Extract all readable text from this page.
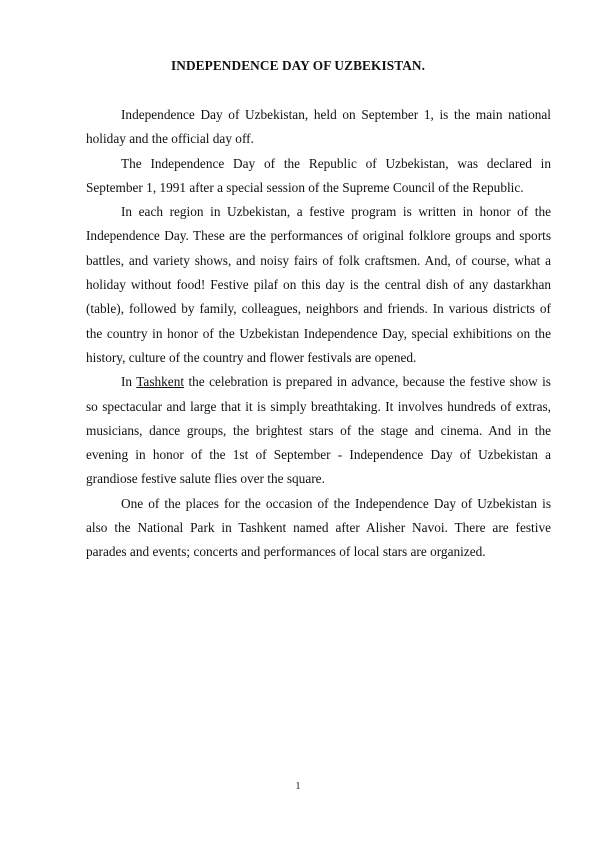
INDEPENDENCE DAY OF UZBEKISTAN.

Independence Day of Uzbekistan, held on September 1, is the main national holiday and the official day off.

The Independence Day of the Republic of Uzbekistan, was declared in September 1, 1991 after a special session of the Supreme Council of the Republic.

In each region in Uzbekistan, a festive program is written in honor of the Independence Day. These are the performances of original folklore groups and sports battles, and variety shows, and noisy fairs of folk craftsmen. And, of course, what a holiday without food! Festive pilaf on this day is the central dish of any dastarkhan (table), followed by family, colleagues, neighbors and friends. In various districts of the country in honor of the Uzbekistan Independence Day, special exhibitions on the history, culture of the country and flower festivals are opened.

In Tashkent the celebration is prepared in advance, because the festive show is so spectacular and large that it is simply breathtaking. It involves hundreds of extras, musicians, dance groups, the brightest stars of the stage and cinema. And in the evening in honor of the 1st of September - Independence Day of Uzbekistan a grandiose festive salute flies over the square.

One of the places for the occasion of the Independence Day of Uzbekistan is also the National Park in Tashkent named after Alisher Navoi. There are festive parades and events; concerts and performances of local stars are organized.

1
